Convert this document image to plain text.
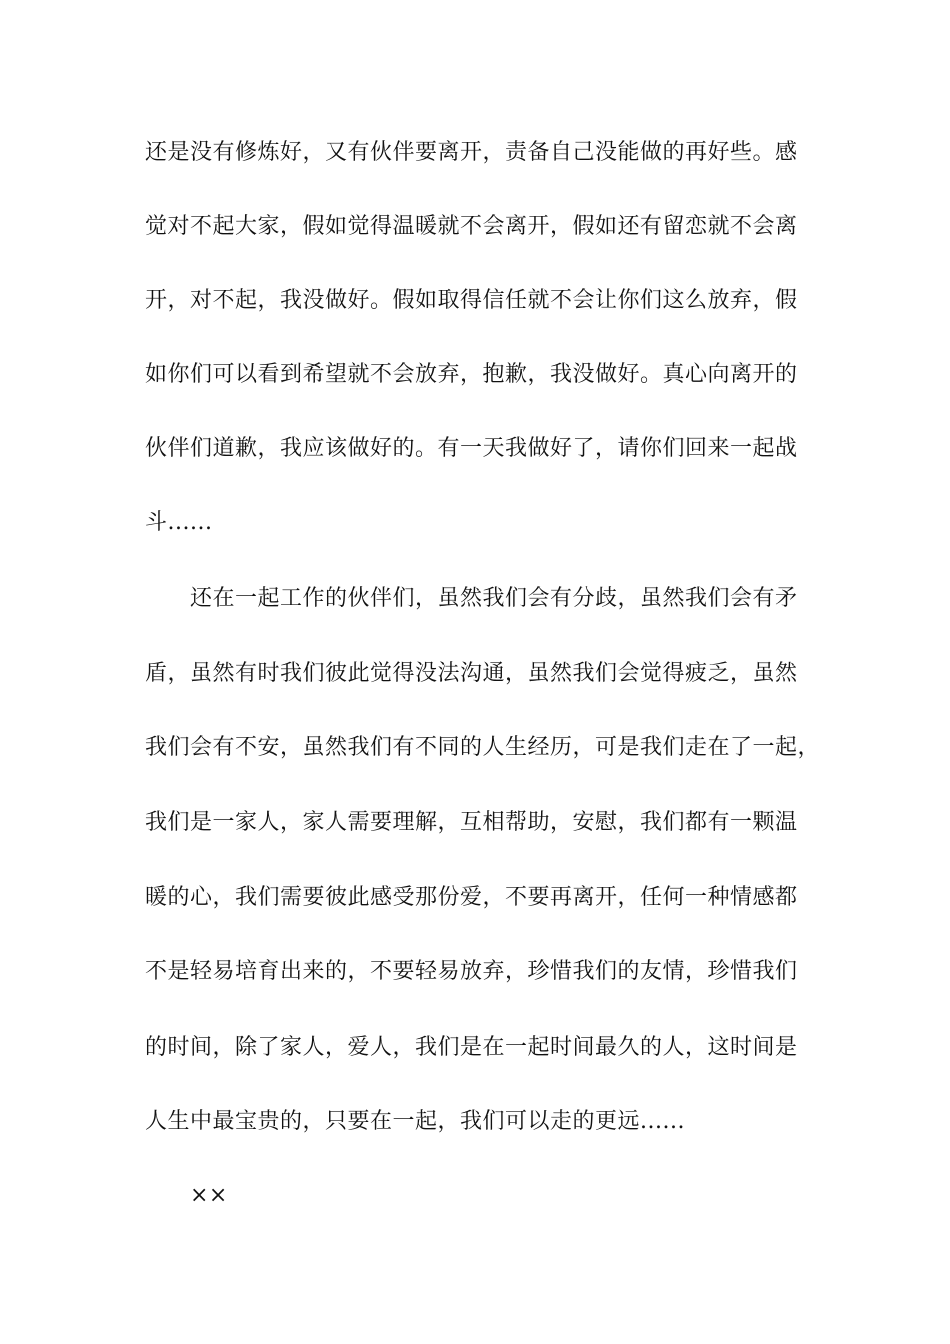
还是没有修炼好，又有伙伴要离开，责备自己没能做的再好些。感
觉对不起大家，假如觉得温暖就不会离开，假如还有留恋就不会离
开，对不起，我没做好。假如取得信任就不会让你们这么放弃，假
如你们可以看到希望就不会放弃，抱歉，我没做好。真心向离开的
伙伴们道歉，我应该做好的。有一天我做好了，请你们回来一起战
斗......
还在一起工作的伙伴们，虽然我们会有分歧，虽然我们会有矛
盾，虽然有时我们彼此觉得没法沟通，虽然我们会觉得疲乏，虽然
我们会有不安，虽然我们有不同的人生经历，可是我们走在了一起，
我们是一家人，家人需要理解，互相帮助，安慰，我们都有一颗温
暖的心，我们需要彼此感受那份爱，不要再离开，任何一种情感都
不是轻易培育出来的，不要轻易放弃，珍惜我们的友情，珍惜我们
的时间，除了家人，爱人，我们是在一起时间最久的人，这时间是
人生中最宝贵的，只要在一起，我们可以走的更远......
××
